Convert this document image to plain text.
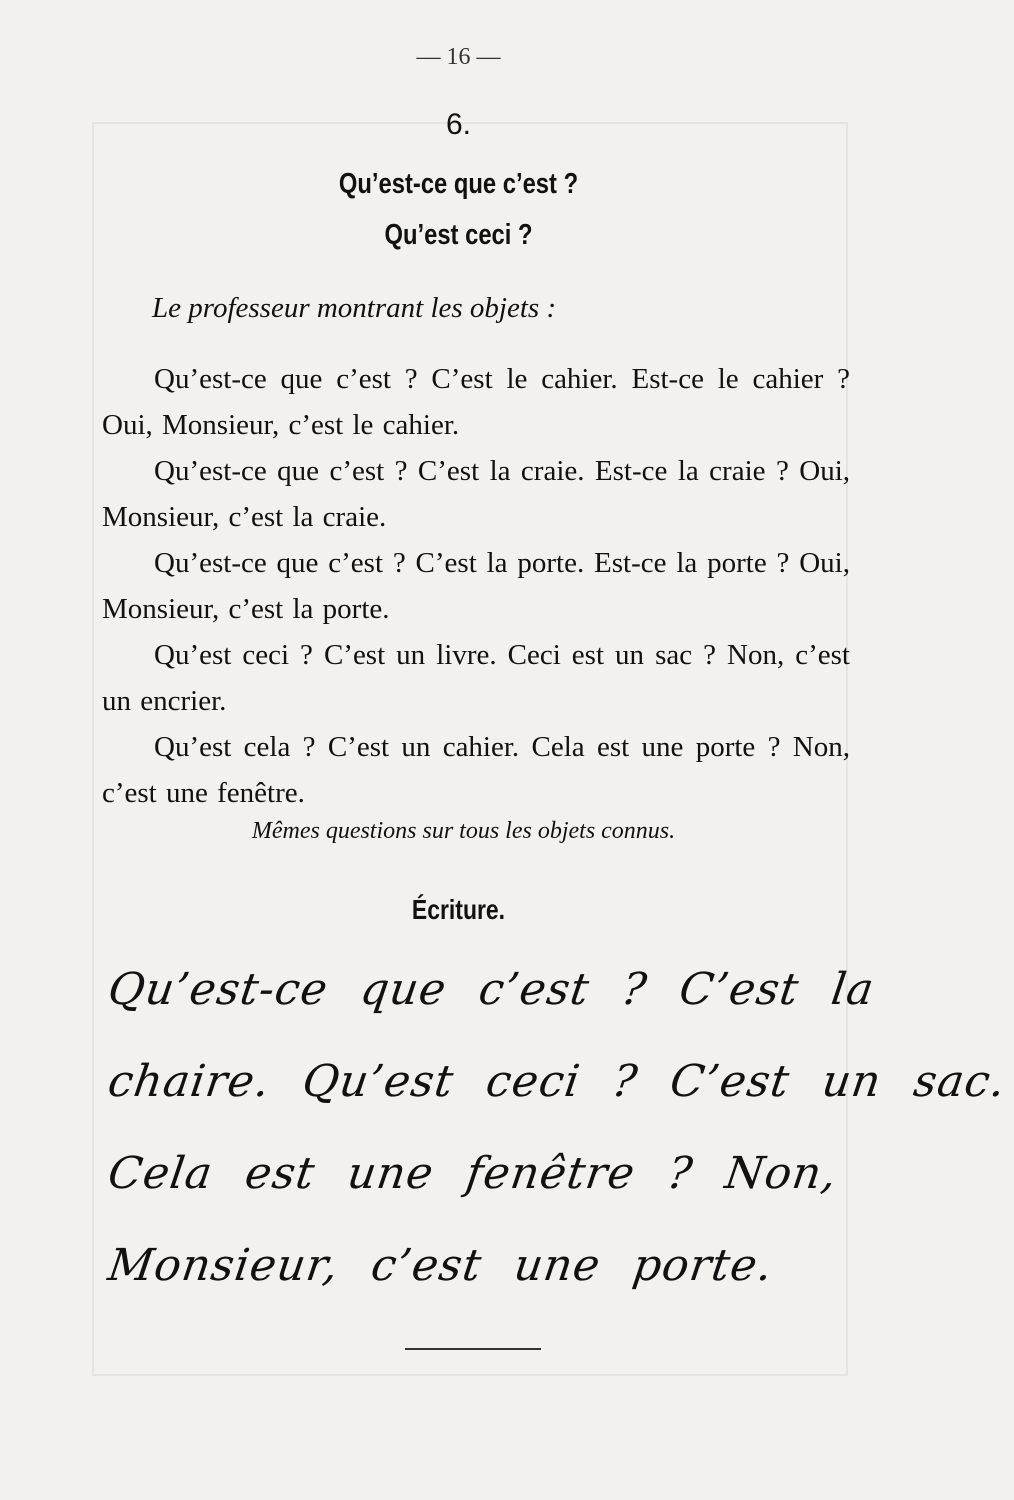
— 16 —
6.
Qu’est-ce que c’est ?
Qu’est ceci ?
Le professeur montrant les objets :

Qu’est-ce que c’est ? C’est le cahier. Est-ce le cahier ? Oui, Monsieur, c’est le cahier.

Qu’est-ce que c’est ? C’est la craie. Est-ce la craie ? Oui, Monsieur, c’est la craie.

Qu’est-ce que c’est ? C’est la porte. Est-ce la porte ? Oui, Monsieur, c’est la porte.

Qu’est ceci ? C’est un livre. Ceci est un sac ? Non, c’est un encrier.

Qu’est cela ? C’est un cahier. Cela est une porte ? Non, c’est une fenêtre.

Mêmes questions sur tous les objets connus.
Écriture.
Qu’est-ce que c’est ? C’est la
chaire. Qu’est ceci ? C’est un sac.
Cela est une fenêtre ? Non,
Monsieur, c’est une porte.
